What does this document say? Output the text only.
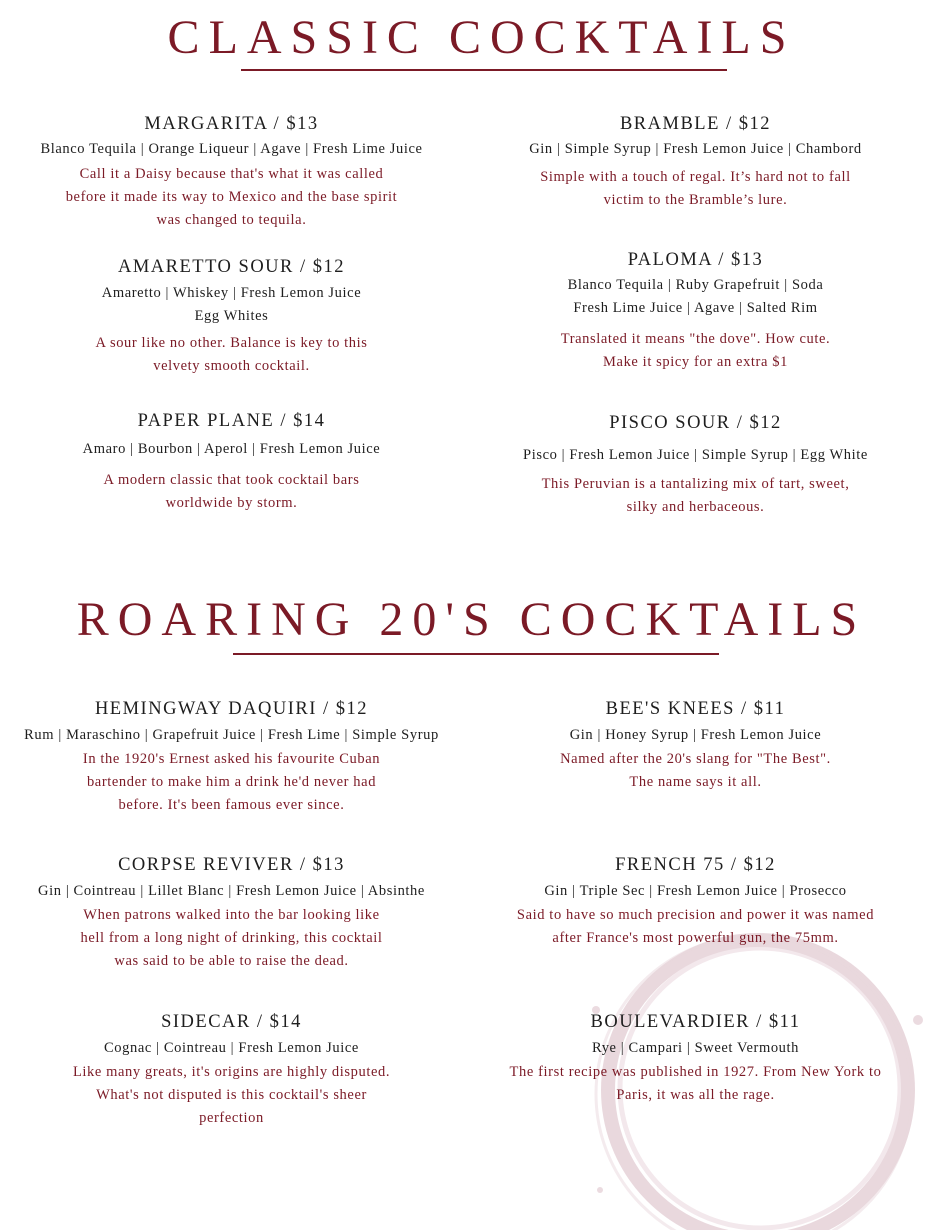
CLASSIC COCKTAILS
MARGARITA / $13
Blanco Tequila | Orange Liqueur | Agave | Fresh Lime Juice
Call it a Daisy because that's what it was called
before it made its way to Mexico and the base spirit
was changed to tequila.
BRAMBLE / $12
Gin | Simple Syrup | Fresh Lemon Juice | Chambord
Simple with a touch of regal. It’s hard not to fall
victim to the Bramble’s lure.
AMARETTO SOUR / $12
Amaretto | Whiskey | Fresh Lemon Juice
Egg Whites
A sour like no other. Balance is key to this
velvety smooth cocktail.
PALOMA / $13
Blanco Tequila | Ruby Grapefruit | Soda
Fresh Lime Juice | Agave | Salted Rim
Translated it means "the dove". How cute.
Make it spicy for an extra $1
PAPER PLANE / $14
Amaro | Bourbon | Aperol | Fresh Lemon Juice
A modern classic that took cocktail bars
worldwide by storm.
PISCO SOUR / $12
Pisco | Fresh Lemon Juice | Simple Syrup | Egg White
This Peruvian is a tantalizing mix of tart, sweet,
silky and herbaceous.
ROARING 20'S COCKTAILS
HEMINGWAY DAQUIRI / $12
Rum | Maraschino | Grapefruit Juice | Fresh Lime | Simple Syrup
In the 1920's Ernest asked his favourite Cuban
bartender to make him a drink he'd never had
before. It's been famous ever since.
BEE'S KNEES / $11
Gin | Honey Syrup | Fresh Lemon Juice
Named after the 20's slang for "The Best".
The name says it all.
CORPSE REVIVER / $13
Gin | Cointreau | Lillet Blanc | Fresh Lemon Juice | Absinthe
When patrons walked into the bar looking like
hell from a long night of drinking, this cocktail
was said to be able to raise the dead.
FRENCH 75 / $12
Gin | Triple Sec | Fresh Lemon Juice | Prosecco
Said to have so much precision and power it was named
after France's most powerful gun, the 75mm.
SIDECAR / $14
Cognac | Cointreau | Fresh Lemon Juice
Like many greats, it's origins are highly disputed.
What's not disputed is this cocktail's sheer
perfection
BOULEVARDIER / $11
Rye | Campari | Sweet Vermouth
The first recipe was published in 1927. From New York to
Paris, it was all the rage.
